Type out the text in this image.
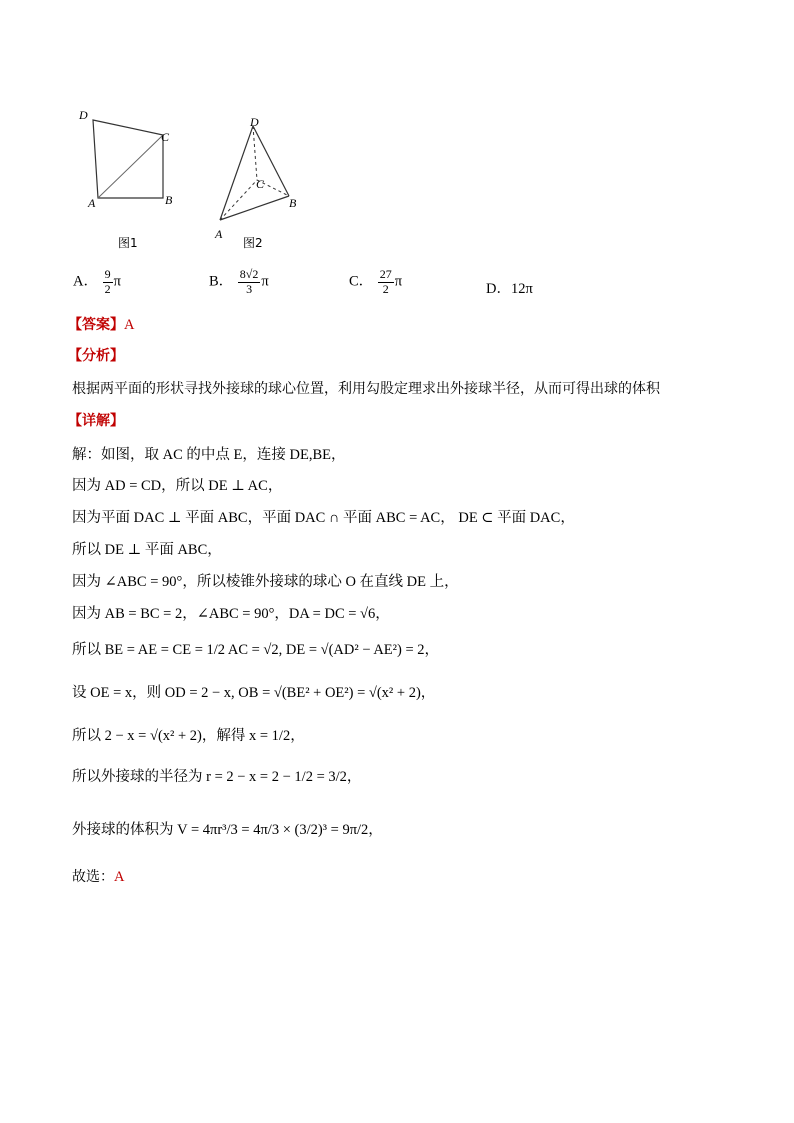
D
C
A	B
图1
D
C
A
B
图2
A． $\frac{9}{2}$ π	B． $\frac{8√2}{3}$ π	C． $\frac{27}{2}$ π	D．12π
【答案】A
【分析】
根据两平面的形状寻找外接球的球心位置，利用勾股定理求出外接球半径，从而可得出球的体积
【详解】
解：如图，取 AC 的中点 E，连接 DE,BE，
因为 AD = CD，所以 DE ⊥ AC，
因为平面 DAC ⊥ 平面 ABC，平面 DAC ∩ 平面 ABC = AC， DE ⊂ 平面 DAC，
所以 DE ⊥ 平面 ABC，
因为 ∠ABC = 90°，所以棱锥外接球的球心 O 在直线 DE 上，
因为 AB = BC = 2，∠ABC = 90°，DA = DC = √6，
所以 BE = AE = CE = 1/2 AC = √2, DE = √(AD² − AE²) = 2，
设 OE = x，则 OD = 2 − x, OB = √(BE² + OE²) = √(x² + 2)，
所以 2 − x = √(x² + 2)，解得 x = 1/2，
所以外接球的半径为 r = 2 − x = 2 − 1/2 = 3/2，
外接球的体积为 V = 4πr³/3 = 4π/3 × (3/2)³ = 9π/2，
故选：A
